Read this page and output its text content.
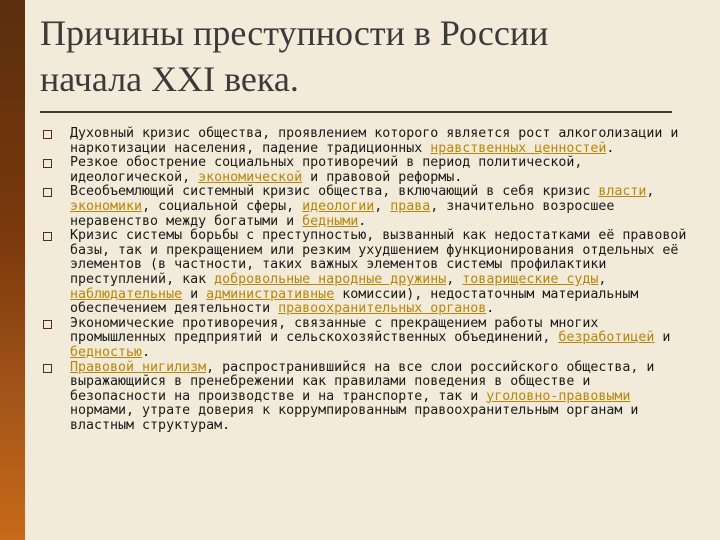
Причины преступности в России
начала XXI века.
Духовный кризис общества, проявлением которого является рост алкоголизации и наркотизации населения, падение традиционных нравственных ценностей.
Резкое обострение социальных противоречий в период политической, идеологической, экономической и правовой реформы.
Всеобъемлющий системный кризис общества, включающий в себя кризис власти, экономики, социальной сферы, идеологии, права, значительно возросшее неравенство между богатыми и бедными.
Кризис системы борьбы с преступностью, вызванный как недостатками её правовой базы, так и прекращением или резким ухудшением функционирования отдельных её элементов (в частности, таких важных элементов системы профилактики преступлений, как добровольные народные дружины, товарищеские суды, наблюдательные и административные комиссии), недостаточным материальным обеспечением деятельности правоохранительных органов.
Экономические противоречия, связанные с прекращением работы многих промышленных предприятий и сельскохозяйственных объединений, безработицей и бедностью.
Правовой нигилизм, распространившийся на все слои российского общества, и выражающийся в пренебрежении как правилами поведения в обществе и безопасности на производстве и на транспорте, так и уголовно-правовыми нормами, утрате доверия к коррумпированным правоохранительным органам и властным структурам.
